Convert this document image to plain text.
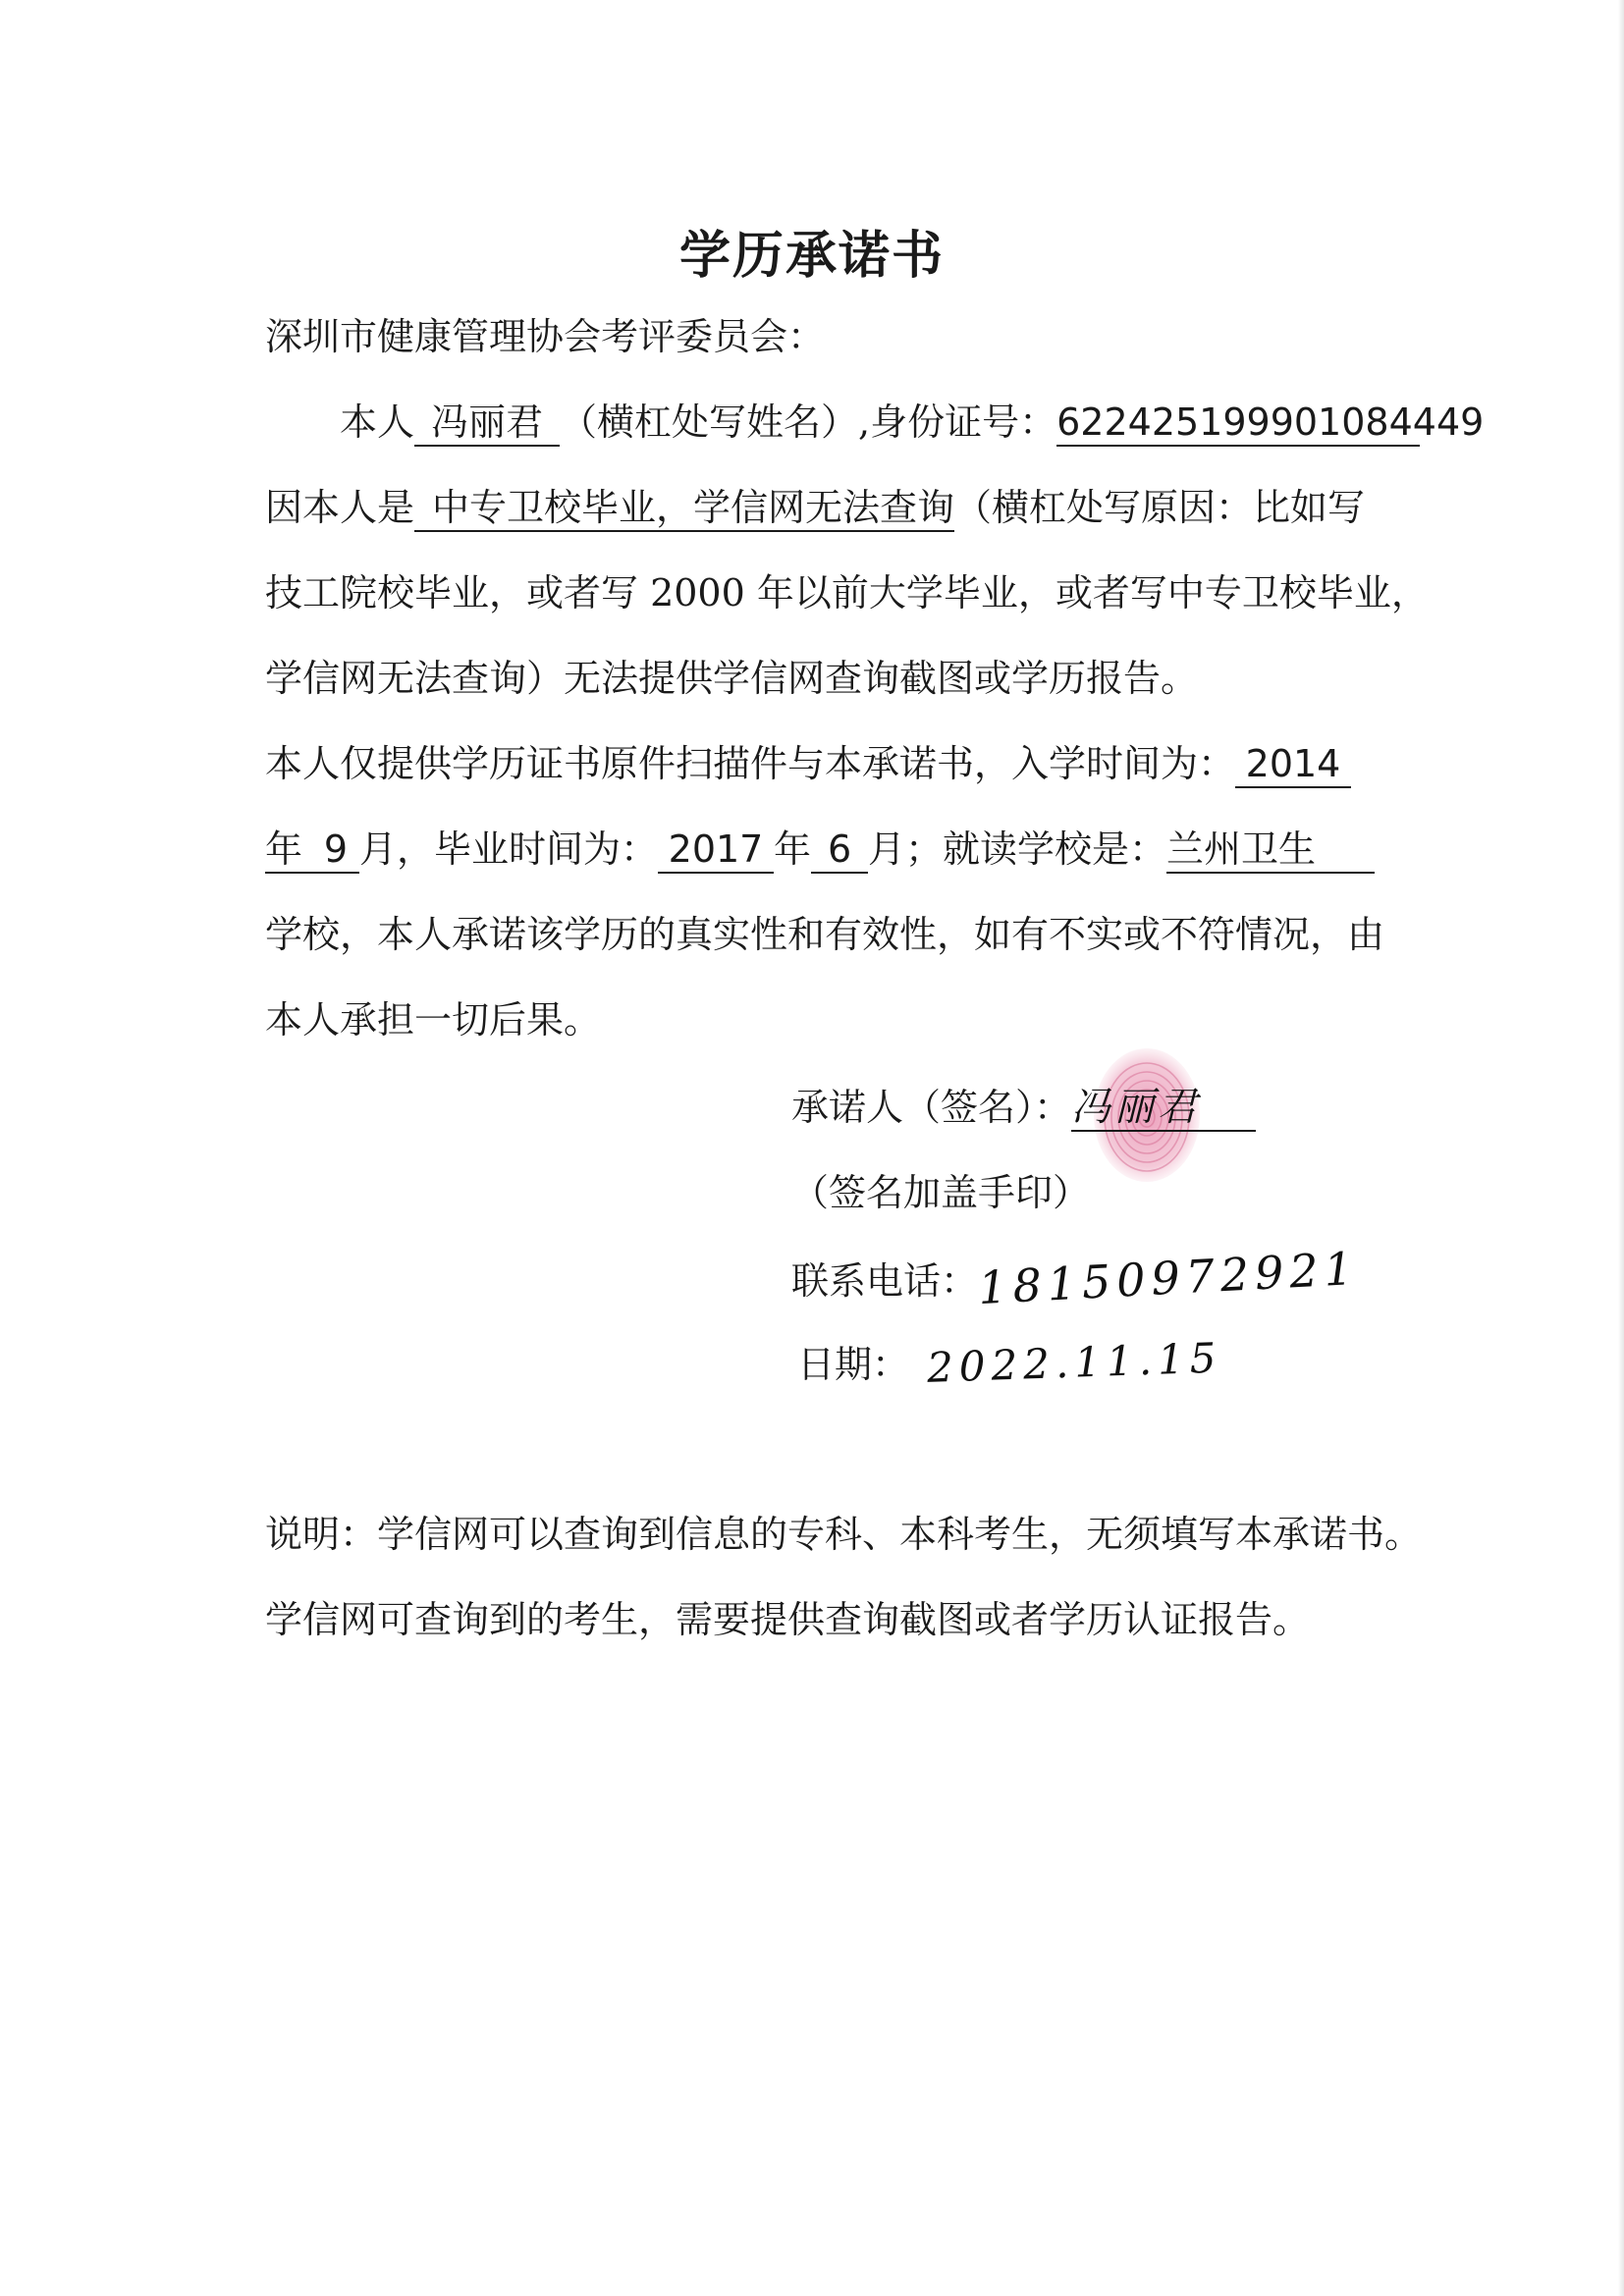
学历承诺书
深圳市健康管理协会考评委员会：
本人 冯丽君 （横杠处写姓名）,身份证号：622425199901084449
因本人是 中专卫校毕业，学信网无法查询（横杠处写原因：比如写
技工院校毕业，或者写 2000 年以前大学毕业，或者写中专卫校毕业，
学信网无法查询）无法提供学信网查询截图或学历报告。
本人仅提供学历证书原件扫描件与本承诺书，入学时间为： 2014
年 9 月，毕业时间为： 2017 年 6 月；就读学校是：兰州卫生
学校，本人承诺该学历的真实性和有效性，如有不实或不符情况，由
本人承担一切后果。
承诺人（签名）：冯丽君
（签名加盖手印）
联系电话：18150972921
日期： 2022.11.15
说明：学信网可以查询到信息的专科、本科考生，无须填写本承诺书。
学信网可查询到的考生，需要提供查询截图或者学历认证报告。
